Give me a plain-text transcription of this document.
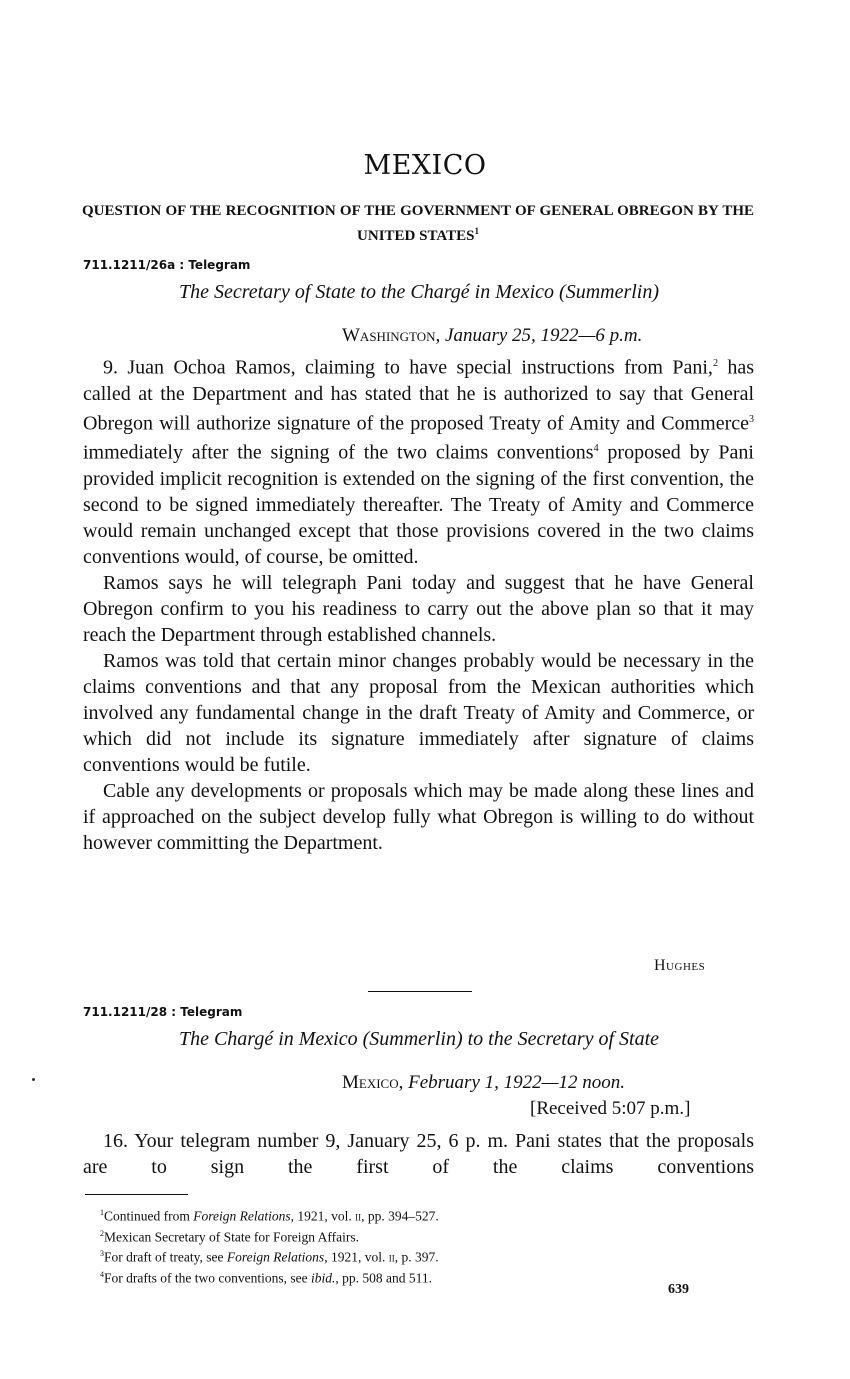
MEXICO
QUESTION OF THE RECOGNITION OF THE GOVERNMENT OF GENERAL OBREGON BY THE UNITED STATES$^1$
711.1211/26a : Telegram
The Secretary of State to the Chargé in Mexico (Summerlin)
Washington, January 25, 1922—6 p.m.

9. Juan Ochoa Ramos, claiming to have special instructions from Pani,$^2$ has called at the Department and has stated that he is authorized to say that General Obregon will authorize signature of the proposed Treaty of Amity and Commerce$^3$ immediately after the signing of the two claims conventions$^4$ proposed by Pani provided implicit recognition is extended on the signing of the first convention, the second to be signed immediately thereafter. The Treaty of Amity and Commerce would remain unchanged except that those provisions covered in the two claims conventions would, of course, be omitted.

Ramos says he will telegraph Pani today and suggest that he have General Obregon confirm to you his readiness to carry out the above plan so that it may reach the Department through established channels.

Ramos was told that certain minor changes probably would be necessary in the claims conventions and that any proposal from the Mexican authorities which involved any fundamental change in the draft Treaty of Amity and Commerce, or which did not include its signature immediately after signature of claims conventions would be futile.

Cable any developments or proposals which may be made along these lines and if approached on the subject develop fully what Obregon is willing to do without however committing the Department.

Hughes
711.1211/28 : Telegram
The Chargé in Mexico (Summerlin) to the Secretary of State
Mexico, February 1, 1922—12 noon.
[Received 5:07 p.m.]

16. Your telegram number 9, January 25, 6 p. m. Pani states that the proposals are to sign the first of the claims conventions

$^1$Continued from Foreign Relations, 1921, vol. ii, pp. 394–527.
$^2$Mexican Secretary of State for Foreign Affairs.
$^3$For draft of treaty, see Foreign Relations, 1921, vol. ii, p. 397.
$^4$For drafts of the two conventions, see ibid., pp. 508 and 511.
639
